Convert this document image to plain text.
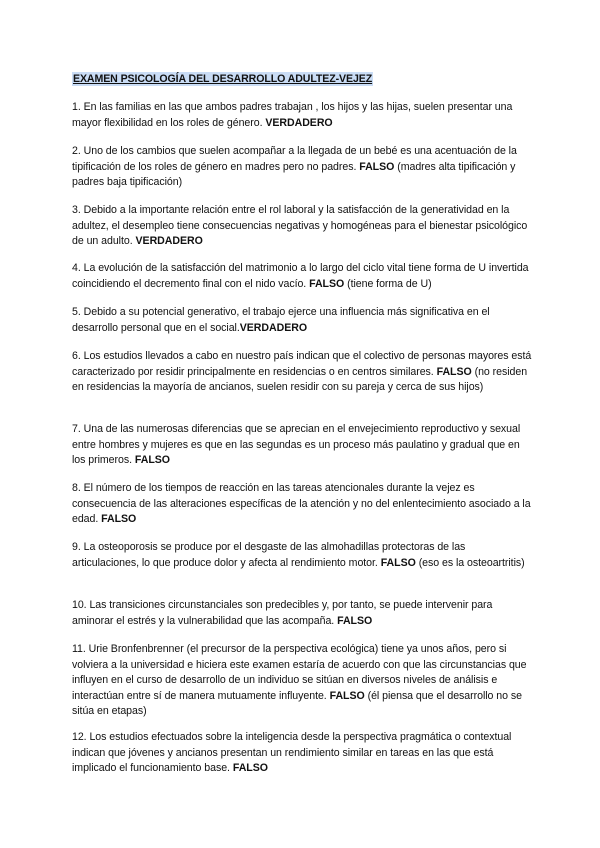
EXAMEN PSICOLOGÍA DEL DESARROLLO ADULTEZ-VEJEZ
1. En las familias en las que ambos padres trabajan , los hijos y las hijas, suelen presentar una mayor flexibilidad en los roles de género. VERDADERO
2. Uno de los cambios que suelen acompañar a la llegada de un bebé es una acentuación de la tipificación de los roles de género en madres pero no padres. FALSO (madres alta tipificación y padres baja tipificación)
3. Debido a la importante relación entre el rol laboral y la satisfacción de la generatividad en la adultez, el desempleo tiene consecuencias negativas y homogéneas para el bienestar psicológico de un adulto. VERDADERO
4. La evolución de la satisfacción del matrimonio a lo largo del ciclo vital tiene forma de U invertida coincidiendo el decremento final con el nido vacío. FALSO (tiene forma de U)
5. Debido a su potencial generativo, el trabajo ejerce una influencia más significativa en el desarrollo personal que en el social.VERDADERO
6. Los estudios llevados a cabo en nuestro país indican que el colectivo de personas mayores está caracterizado por residir principalmente en residencias o en centros similares. FALSO (no residen en residencias la mayoría de ancianos, suelen residir con su pareja y cerca de sus hijos)
7. Una de las numerosas diferencias que se aprecian en el envejecimiento reproductivo y sexual entre hombres y mujeres es que en las segundas es un proceso más paulatino y gradual que en los primeros. FALSO
8. El número de los tiempos de reacción en las tareas atencionales durante la vejez es consecuencia de las alteraciones específicas de la atención y no del enlentecimiento asociado a la edad. FALSO
9. La osteoporosis se produce por el desgaste de las almohadillas protectoras de las articulaciones, lo que produce dolor y afecta al rendimiento motor. FALSO (eso es la osteoartritis)
10. Las transiciones circunstanciales son predecibles y, por tanto, se puede intervenir para aminorar el estrés y la vulnerabilidad que las acompaña. FALSO
11. Urie Bronfenbrenner (el precursor de la perspectiva ecológica) tiene ya unos años, pero si volviera a la universidad e hiciera este examen estaría de acuerdo con que las circunstancias que influyen en el curso de desarrollo de un individuo se sitúan en diversos niveles de análisis e interactúan entre sí de manera mutuamente influyente. FALSO (él piensa que el desarrollo no se sitúa en etapas)
12. Los estudios efectuados sobre la inteligencia desde la perspectiva pragmática o contextual indican que jóvenes y ancianos presentan un rendimiento similar en tareas en las que está implicado el funcionamiento base. FALSO
